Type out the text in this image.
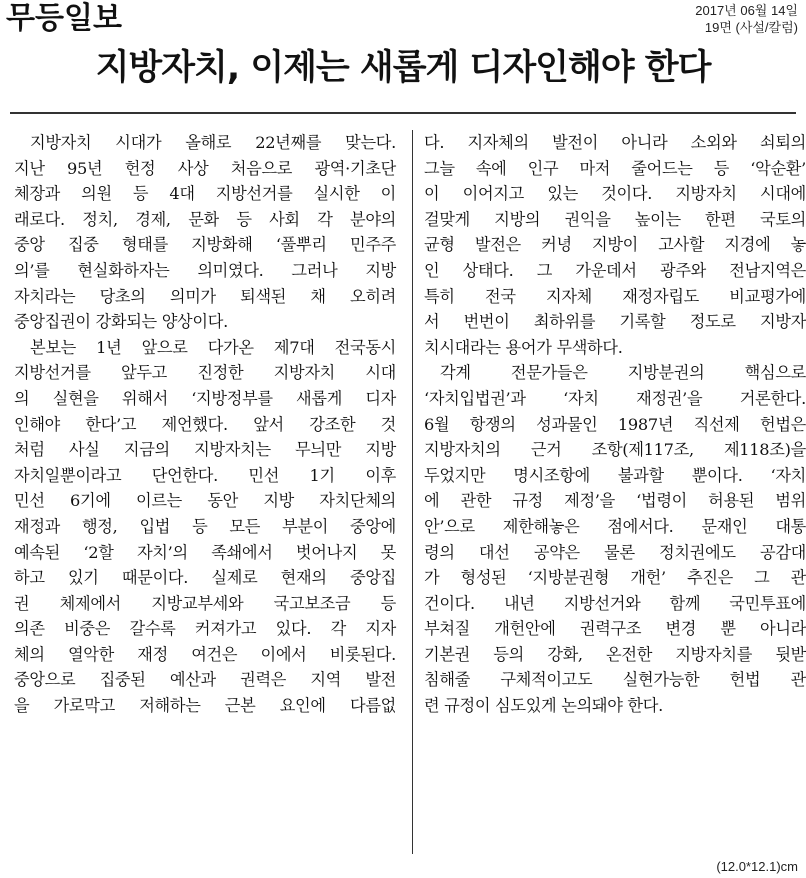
무등일보	2017년 06월 14일
19면 (사설/칼럼)
지방자치, 이제는 새롭게 디자인해야 한다
지방자치 시대가 올해로 22년째를 맞는다.
지난 95년 헌정 사상 처음으로 광역·기초단
체장과 의원 등 4대 지방선거를 실시한 이
래로다. 정치, 경제, 문화 등 사회 각 분야의
중앙 집중 형태를 지방화해 ‘풀뿌리 민주주
의’를 현실화하자는 의미였다. 그러나 지방
자치라는 당초의 의미가 퇴색된 채 오히려
중앙집권이 강화되는 양상이다.
본보는 1년 앞으로 다가온 제7대 전국동시
지방선거를 앞두고 진정한 지방자치 시대
의 실현을 위해서 ‘지방정부를 새롭게 디자
인해야 한다’고 제언했다. 앞서 강조한 것
처럼 사실 지금의 지방자치는 무늬만 지방
자치일뿐이라고 단언한다. 민선 1기 이후
민선 6기에 이르는 동안 지방 자치단체의
재정과 행정, 입법 등 모든 부분이 중앙에
예속된 ‘2할 자치’의 족쇄에서 벗어나지 못
하고 있기 때문이다. 실제로 현재의 중앙집
권 체제에서 지방교부세와 국고보조금 등
의존 비중은 갈수록 커져가고 있다. 각 지자
체의 열악한 재정 여건은 이에서 비롯된다.
중앙으로 집중된 예산과 권력은 지역 발전
을 가로막고 저해하는 근본 요인에 다름없
다. 지자체의 발전이 아니라 소외와 쇠퇴의
그늘 속에 인구 마저 줄어드는 등 ‘악순환’
이 이어지고 있는 것이다. 지방자치 시대에
걸맞게 지방의 권익을 높이는 한편 국토의
균형 발전은 커녕 지방이 고사할 지경에 놓
인 상태다. 그 가운데서 광주와 전남지역은
특히 전국 지자체 재정자립도 비교평가에
서 번번이 최하위를 기록할 정도로 지방자
치시대라는 용어가 무색하다.
각계 전문가들은 지방분권의 핵심으로
‘자치입법권’과 ‘자치 재정권’을 거론한다.
6월 항쟁의 성과물인 1987년 직선제 헌법은
지방자치의 근거 조항(제117조, 제118조)을
두었지만 명시조항에 불과할 뿐이다. ‘자치
에 관한 규정 제정’을 ‘법령이 허용된 범위
안’으로 제한해놓은 점에서다. 문재인 대통
령의 대선 공약은 물론 정치권에도 공감대
가 형성된 ‘지방분권형 개헌’ 추진은 그 관
건이다. 내년 지방선거와 함께 국민투표에
부쳐질 개헌안에 권력구조 변경 뿐 아니라
기본권 등의 강화, 온전한 지방자치를 뒷받
침해줄 구체적이고도 실현가능한 헌법 관
련 규정이 심도있게 논의돼야 한다.
(12.0*12.1)cm
